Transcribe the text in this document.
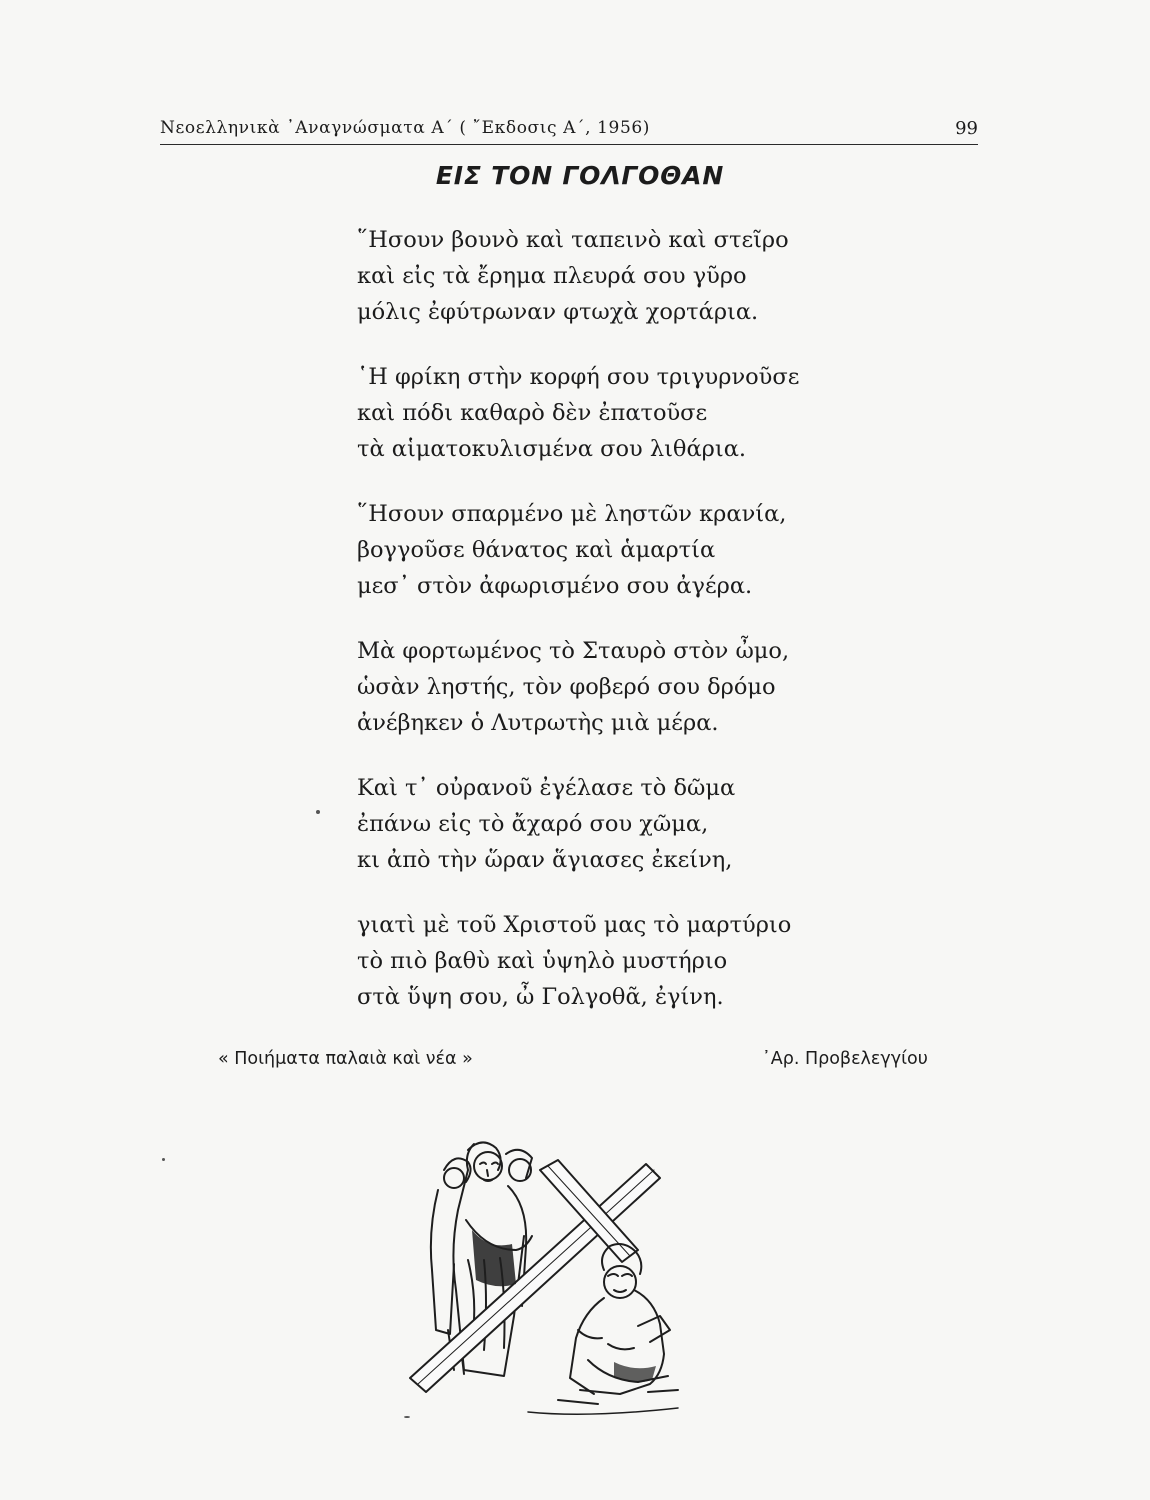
Νεοελληνικὰ ᾿Αναγνώσματα Α΄ ( ῎Εκδοσις Α΄, 1956)	99
ΕΙΣ ΤΟΝ ΓΟΛΓΟΘΑΝ
῞Ησουν βουνὸ καὶ ταπεινὸ καὶ στεῖρο
καὶ εἰς τὰ ἔρημα πλευρά σου γῦρο
μόλις ἐφύτρωναν φτωχὰ χορτάρια.
῾Η φρίκη στὴν κορφή σου τριγυρνοῦσε
καὶ πόδι καθαρὸ δὲν ἐπατοῦσε
τὰ αἱματοκυλισμένα σου λιθάρια.
῞Ησουν σπαρμένο μὲ ληστῶν κρανία,
βογγοῦσε θάνατος καὶ ἁμαρτία
μεσ᾽ στὸν ἀφωρισμένο σου ἀγέρα.
Μὰ φορτωμένος τὸ Σταυρὸ στὸν ὦμο,
ὡσὰν ληστής, τὸν φοβερό σου δρόμο
ἀνέβηκεν ὁ Λυτρωτὴς μιὰ μέρα.
Καὶ τ᾽ οὐρανοῦ ἐγέλασε τὸ δῶμα
ἐπάνω εἰς τὸ ἄχαρό σου χῶμα,
κι ἀπὸ τὴν ὥραν ἅγιασες ἐκείνη,
γιατὶ μὲ τοῦ Χριστοῦ μας τὸ μαρτύριο
τὸ πιὸ βαθὺ καὶ ὑψηλὸ μυστήριο
στὰ ὕψη σου, ὦ Γολγοθᾶ, ἐγίνη.
« Ποιήματα παλαιὰ καὶ νέα »	᾿Αρ. Προβελεγγίου
